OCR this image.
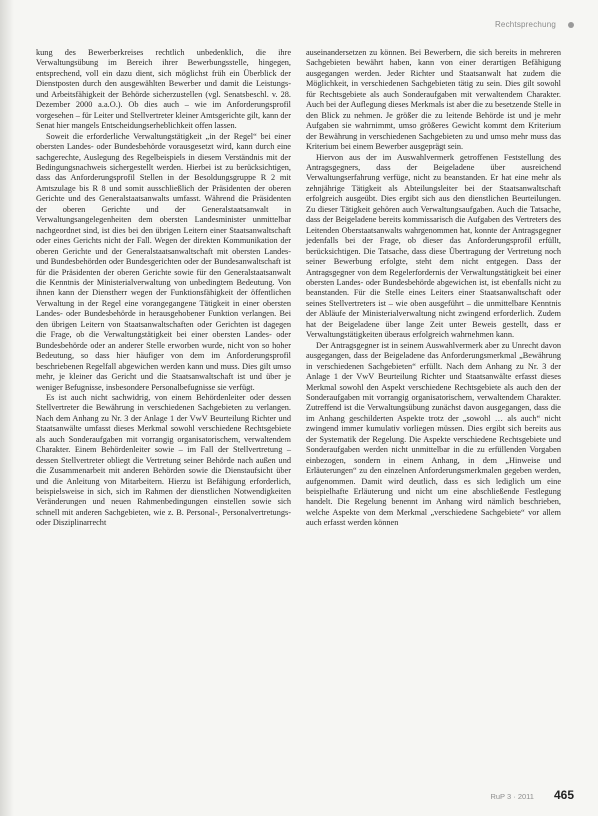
Rechtsprechung

kung des Bewerberkreises rechtlich unbedenklich, die ihre Verwaltungsübung im Bereich ihrer Bewerbungsstelle, hingegen, entsprechend, voll ein dazu dient, sich möglichst früh ein Überblick der Dienstposten durch den ausgewählten Bewerber und damit die Leistungs- und Arbeitsfähigkeit der Behörde sicherzustellen (vgl. Senatsbeschl. v. 28. Dezember 2000 a.a.O.). Ob dies auch – wie im Anforderungsprofil vorgesehen – für Leiter und Stellvertreter kleiner Amtsgerichte gilt, kann der Senat hier mangels Entscheidungserheblichkeit offen lassen.

Soweit die erforderliche Verwaltungstätigkeit „in der Regel“ bei einer obersten Landes- oder Bundesbehörde vorausgesetzt wird, kann durch eine sachgerechte, Auslegung des Regelbeispiels in diesem Verständnis mit der Bedingungsnachweis sichergestellt werden. Hierbei ist zu berücksichtigen, dass das Anforderungsprofil Stellen in der Besoldungsgruppe R 2 mit Amtszulage bis R 8 und somit ausschließlich der Präsidenten der oberen Gerichte und des Generalstaatsanwalts umfasst. Während die Präsidenten der oberen Gerichte und der Generalstaatsanwalt in Verwaltungsangelegenheiten dem obersten Landesminister unmittelbar nachgeordnet sind, ist dies bei den übrigen Leitern einer Staatsanwaltschaft oder eines Gerichts nicht der Fall. Wegen der direkten Kommunikation der oberen Gerichte und der Generalstaatsanwaltschaft mit obersten Landes- und Bundesbehörden oder Bundesgerichten oder der Bundesanwaltschaft ist für die Präsidenten der oberen Gerichte sowie für den Generalstaatsanwalt die Kenntnis der Ministerialverwaltung von unbedingtem Bedeutung. Von ihnen kann der Dienstherr wegen der Funktionsfähigkeit der öffentlichen Verwaltung in der Regel eine vorangegangene Tätigkeit in einer obersten Landes- oder Bundesbehörde in herausgehobener Funktion verlangen. Bei den übrigen Leitern von Staatsanwaltschaften oder Gerichten ist dagegen die Frage, ob die Verwaltungstätigkeit bei einer obersten Landes- oder Bundesbehörde oder an anderer Stelle erworben wurde, nicht von so hoher Bedeutung, so dass hier häufiger von dem im Anforderungsprofil beschriebenen Regelfall abgewichen werden kann und muss. Dies gilt umso mehr, je kleiner das Gericht und die Staatsanwaltschaft ist und über je weniger Befugnisse, insbesondere Personalbefugnisse sie verfügt.

Es ist auch nicht sachwidrig, von einem Behördenleiter oder dessen Stellvertreter die Bewährung in verschiedenen Sachgebieten zu verlangen. Nach dem Anhang zu Nr. 3 der Anlage 1 der VwV Beurteilung Richter und Staatsanwälte umfasst dieses Merkmal sowohl verschiedene Rechtsgebiete als auch Sonderaufgaben mit vorrangig organisatorischem, verwaltendem Charakter. Einem Behördenleiter sowie – im Fall der Stellvertretung – dessen Stellvertreter obliegt die Vertretung seiner Behörde nach außen und die Zusammenarbeit mit anderen Behörden sowie die Dienstaufsicht über und die Anleitung von Mitarbeitern. Hierzu ist Befähigung erforderlich, beispielsweise in sich, sich im Rahmen der dienstlichen Notwendigkeiten Veränderungen und neuen Rahmenbedingungen einstellen sowie sich schnell mit anderen Sachgebieten, wie z. B. Personal-, Personalvertretungs- oder Disziplinarrecht

auseinandersetzen zu können. Bei Bewerbern, die sich bereits in mehreren Sachgebieten bewährt haben, kann von einer derartigen Befähigung ausgegangen werden. Jeder Richter und Staatsanwalt hat zudem die Möglichkeit, in verschiedenen Sachgebieten tätig zu sein. Dies gilt sowohl für Rechtsgebiete als auch Sonderaufgaben mit verwaltendem Charakter. Auch bei der Auflegung dieses Merkmals ist aber die zu besetzende Stelle in den Blick zu nehmen. Je größer die zu leitende Behörde ist und je mehr Aufgaben sie wahrnimmt, umso größeres Gewicht kommt dem Kriterium der Bewährung in verschiedenen Sachgebieten zu und umso mehr muss das Kriterium bei einem Bewerber ausgeprägt sein.

Hiervon aus der im Auswahlvermerk getroffenen Feststellung des Antragsgegners, dass der Beigeladene über ausreichend Verwaltungserfahrung verfüge, nicht zu beanstanden. Er hat eine mehr als zehnjährige Tätigkeit als Abteilungsleiter bei der Staatsanwaltschaft erfolgreich ausgeübt. Dies ergibt sich aus den dienstlichen Beurteilungen. Zu dieser Tätigkeit gehören auch Verwaltungsaufgaben. Auch die Tatsache, dass der Beigeladene bereits kommissarisch die Aufgaben des Vertreters des Leitenden Oberstaatsanwalts wahrgenommen hat, konnte der Antragsgegner jedenfalls bei der Frage, ob dieser das Anforderungsprofil erfüllt, berücksichtigen. Die Tatsache, dass diese Übertragung der Vertretung noch seiner Bewerbung erfolgte, steht dem nicht entgegen. Dass der Antragsgegner von dem Regelerfordernis der Verwaltungstätigkeit bei einer obersten Landes- oder Bundesbehörde abgewichen ist, ist ebenfalls nicht zu beanstanden. Für die Stelle eines Leiters einer Staatsanwaltschaft oder seines Stellvertreters ist – wie oben ausgeführt – die unmittelbare Kenntnis der Abläufe der Ministerialverwaltung nicht zwingend erforderlich. Zudem hat der Beigeladene über lange Zeit unter Beweis gestellt, dass er Verwaltungstätigkeiten überaus erfolgreich wahrnehmen kann.

Der Antragsgegner ist in seinem Auswahlvermerk aber zu Unrecht davon ausgegangen, dass der Beigeladene das Anforderungsmerkmal „Bewährung in verschiedenen Sachgebieten“ erfüllt. Nach dem Anhang zu Nr. 3 der Anlage 1 der VwV Beurteilung Richter und Staatsanwälte erfasst dieses Merkmal sowohl den Aspekt verschiedene Rechtsgebiete als auch den der Sonderaufgaben mit vorrangig organisatorischem, verwaltendem Charakter. Zutreffend ist die Verwaltungsübung zunächst davon ausgegangen, dass die im Anhang geschilderten Aspekte trotz der „sowohl … als auch“ nicht zwingend immer kumulativ vorliegen müssen. Dies ergibt sich bereits aus der Systematik der Regelung. Die Aspekte verschiedene Rechtsgebiete und Sonderaufgaben werden nicht unmittelbar in die zu erfüllenden Vorgaben einbezogen, sondern in einem Anhang, in dem „Hinweise und Erläuterungen“ zu den einzelnen Anforderungsmerkmalen gegeben werden, aufgenommen. Damit wird deutlich, dass es sich lediglich um eine beispielhafte Erläuterung und nicht um eine abschließende Festlegung handelt. Die Regelung benennt im Anhang wird nämlich beschrieben, welche Aspekte von dem Merkmal „verschiedene Sachgebiete“ vor allem auch erfasst werden können

RuP 3 · 2011 465
